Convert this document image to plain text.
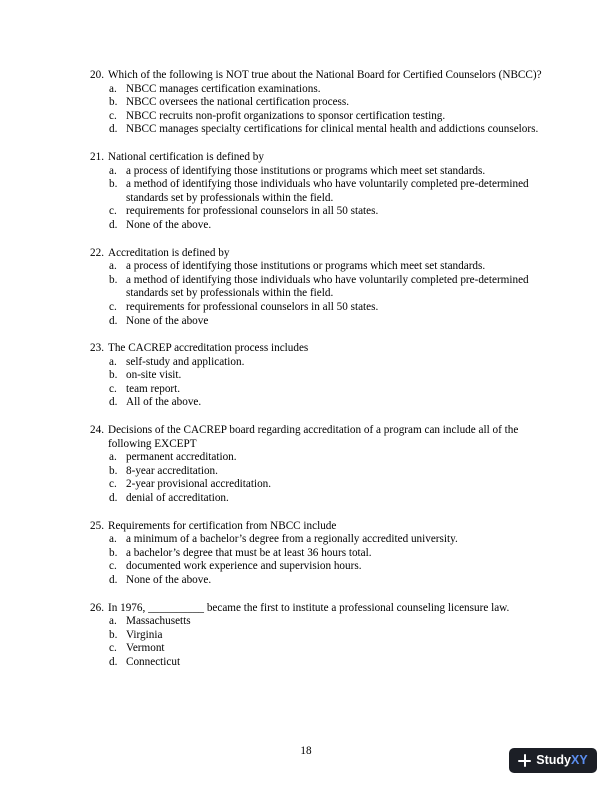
20. Which of the following is NOT true about the National Board for Certified Counselors (NBCC)?
a. NBCC manages certification examinations.
b. NBCC oversees the national certification process.
c. NBCC recruits non-profit organizations to sponsor certification testing.
d. NBCC manages specialty certifications for clinical mental health and addictions counselors.
21. National certification is defined by
a. a process of identifying those institutions or programs which meet set standards.
b. a method of identifying those individuals who have voluntarily completed pre-determined standards set by professionals within the field.
c. requirements for professional counselors in all 50 states.
d. None of the above.
22. Accreditation is defined by
a. a process of identifying those institutions or programs which meet set standards.
b. a method of identifying those individuals who have voluntarily completed pre-determined standards set by professionals within the field.
c. requirements for professional counselors in all 50 states.
d. None of the above
23. The CACREP accreditation process includes
a. self-study and application.
b. on-site visit.
c. team report.
d. All of the above.
24. Decisions of the CACREP board regarding accreditation of a program can include all of the following EXCEPT
a. permanent accreditation.
b. 8-year accreditation.
c. 2-year provisional accreditation.
d. denial of accreditation.
25. Requirements for certification from NBCC include
a. a minimum of a bachelor’s degree from a regionally accredited university.
b. a bachelor’s degree that must be at least 36 hours total.
c. documented work experience and supervision hours.
d. None of the above.
26. In 1976, __________ became the first to institute a professional counseling licensure law.
a. Massachusetts
b. Virginia
c. Vermont
d. Connecticut
18
Study XY
